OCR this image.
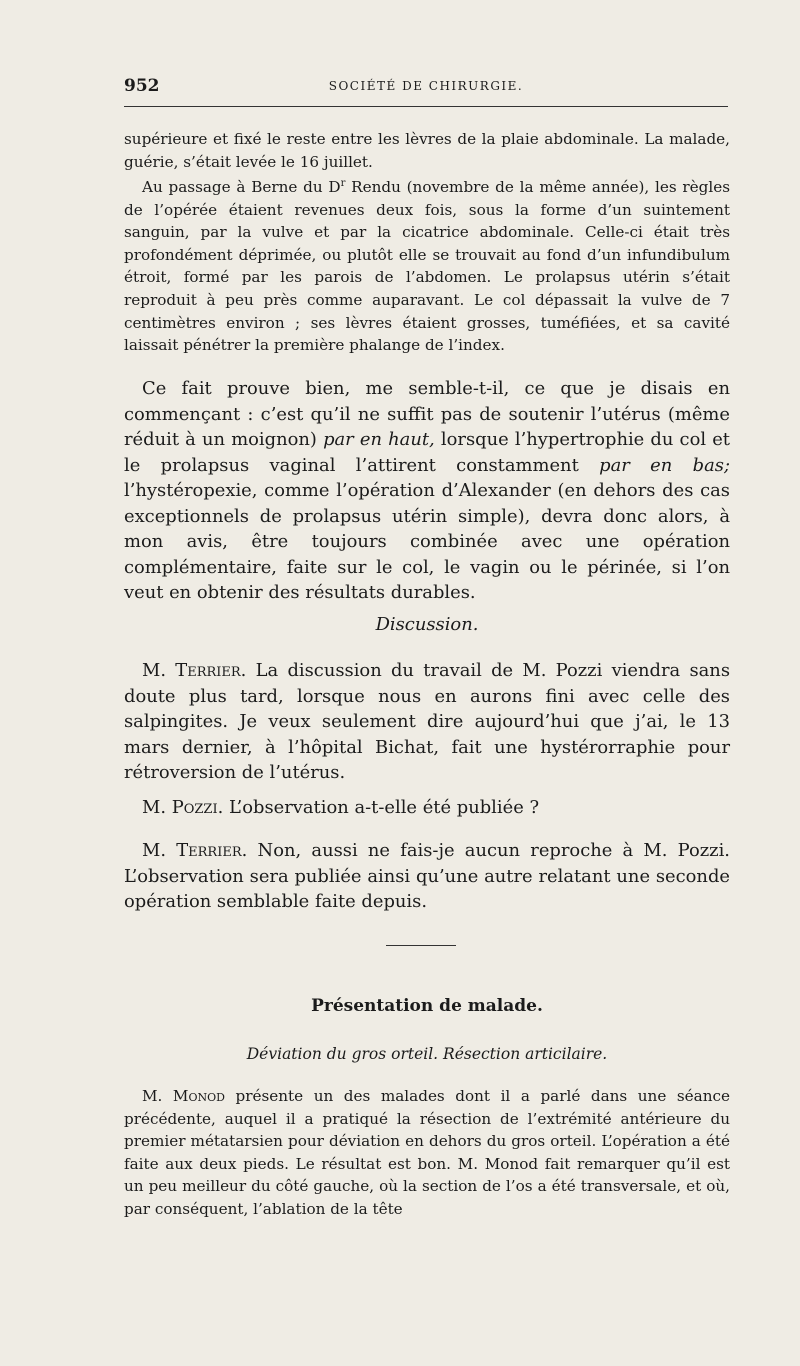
952	SOCIÉTÉ DE CHIRURGIE.

supérieure et fixé le reste entre les lèvres de la plaie abdominale. La malade, guérie, s’était levée le 16 juillet.

Au passage à Berne du $D^r$ Rendu (novembre de la même année), les règles de l’opérée étaient revenues deux fois, sous la forme d’un suintement sanguin, par la vulve et par la cicatrice abdominale. Celle-ci était très profondément déprimée, ou plutôt elle se trouvait au fond d’un infundibulum étroit, formé par les parois de l’abdomen. Le prolapsus utérin s’était reproduit à peu près comme auparavant. Le col dépassait la vulve de 7 centimètres environ ; ses lèvres étaient grosses, tuméfiées, et sa cavité laissait pénétrer la première phalange de l’index.

Ce fait prouve bien, me semble-t-il, ce que je disais en commençant : c’est qu’il ne suffit pas de soutenir l’utérus (même réduit à un moignon) par en haut, lorsque l’hypertrophie du col et le prolapsus vaginal l’attirent constamment par en bas; l’hystéropexie, comme l’opération d’Alexander (en dehors des cas exceptionnels de prolapsus utérin simple), devra donc alors, à mon avis, être toujours combinée avec une opération complémentaire, faite sur le col, le vagin ou le périnée, si l’on veut en obtenir des résultats durables.

Discussion.

M. Terrier. La discussion du travail de M. Pozzi viendra sans doute plus tard, lorsque nous en aurons fini avec celle des salpingites. Je veux seulement dire aujourd’hui que j’ai, le 13 mars dernier, à l’hôpital Bichat, fait une hystérorraphie pour rétroversion de l’utérus.

M. Pozzi. L’observation a-t-elle été publiée ?

M. Terrier. Non, aussi ne fais-je aucun reproche à M. Pozzi. L’observation sera publiée ainsi qu’une autre relatant une seconde opération semblable faite depuis.

Présentation de malade.

Déviation du gros orteil. Résection articilaire.

M. Monod présente un des malades dont il a parlé dans une séance précédente, auquel il a pratiqué la résection de l’extrémité antérieure du premier métatarsien pour déviation en dehors du gros orteil. L’opération a été faite aux deux pieds. Le résultat est bon. M. Monod fait remarquer qu’il est un peu meilleur du côté gauche, où la section de l’os a été transversale, et où, par conséquent, l’ablation de la tête
